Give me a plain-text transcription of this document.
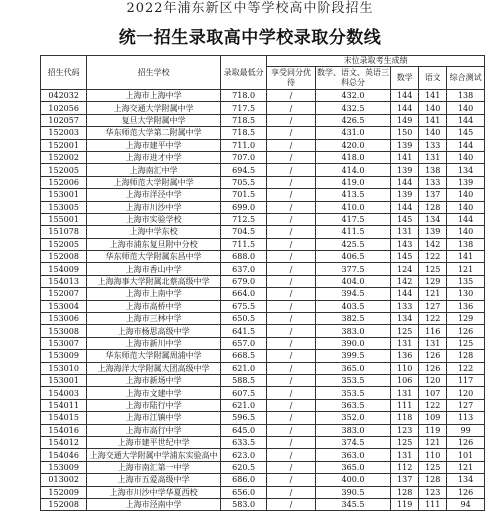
2022年浦东新区中等学校高中阶段招生
统一招生录取高中学校录取分数线
招生代码	招生学校	录取最低分	末位录取考生成绩				
			享受同分优待	数学、语文、英语三科总分	数学	语文	综合测试
042032	上海市上海中学	718.0	/	432.0	144	141	138
102056	上海交通大学附属中学	717.5	/	432.5	144	140	140
102057	复旦大学附属中学	718.5	/	426.5	149	141	144
152003	华东师范大学第二附属中学	718.5	/	431.0	150	140	145
152001	上海市建平中学	711.0	/	420.0	139	133	144
152002	上海市进才中学	707.0	/	418.0	141	131	140
152005	上海南汇中学	694.5	/	414.0	139	138	134
152006	上海师范大学附属中学	705.5	/	419.0	144	133	139
153001	上海市洋泾中学	701.5	/	413.5	139	137	140
153005	上海市川沙中学	699.0	/	410.0	144	128	140
155001	上海市实验学校	712.5	/	417.5	145	134	144
151078	上海中学东校	704.5	/	411.5	131	139	140
152005	上海市浦东复旦附中分校	711.5	/	425.5	143	142	138
152008	华东师范大学附属东昌中学	688.0	/	406.5	145	122	141
154009	上海市香山中学	637.0	/	377.5	124	125	121
154013	上海海事大学附属北蔡高级中学	679.0	/	404.0	142	129	135
152007	上海市上南中学	664.0	/	394.5	144	121	130
153004	上海市高桥中学	675.5	/	403.5	133	127	136
153006	上海市三林中学	650.5	/	382.5	134	122	129
153008	上海市杨思高级中学	641.5	/	383.0	125	116	126
153007	上海市新川中学	657.0	/	390.0	131	131	125
153009	华东师范大学附属周浦中学	668.5	/	399.5	136	126	128
153010	上海海洋大学附属大团高级中学	621.0	/	365.0	110	126	122
153001	上海市新场中学	588.5	/	353.5	106	120	117
154003	上海市文建中学	607.5	/	353.5	131	107	120
154011	上海市陆行中学	621.0	/	363.5	111	122	127
154015	上海市江镇中学	596.5	/	352.0	118	109	113
154016	上海市高行中学	645.0	/	383.0	123	119	99
154012	上海市建平世纪中学	633.5	/	374.5	125	121	126
154046	上海交通大学附属中学浦东实验高中	623.0	/	363.0	131	110	101
153009	上海市南汇第一中学	620.5	/	365.0	112	125	121
013002	上海市五爱高级中学	686.0	/	400.0	137	128	134
152009	上海市川沙中学华夏西校	656.0	/	390.5	128	123	126
152008	上海市泾南中学	583.0	/	345.5	119	111	94
